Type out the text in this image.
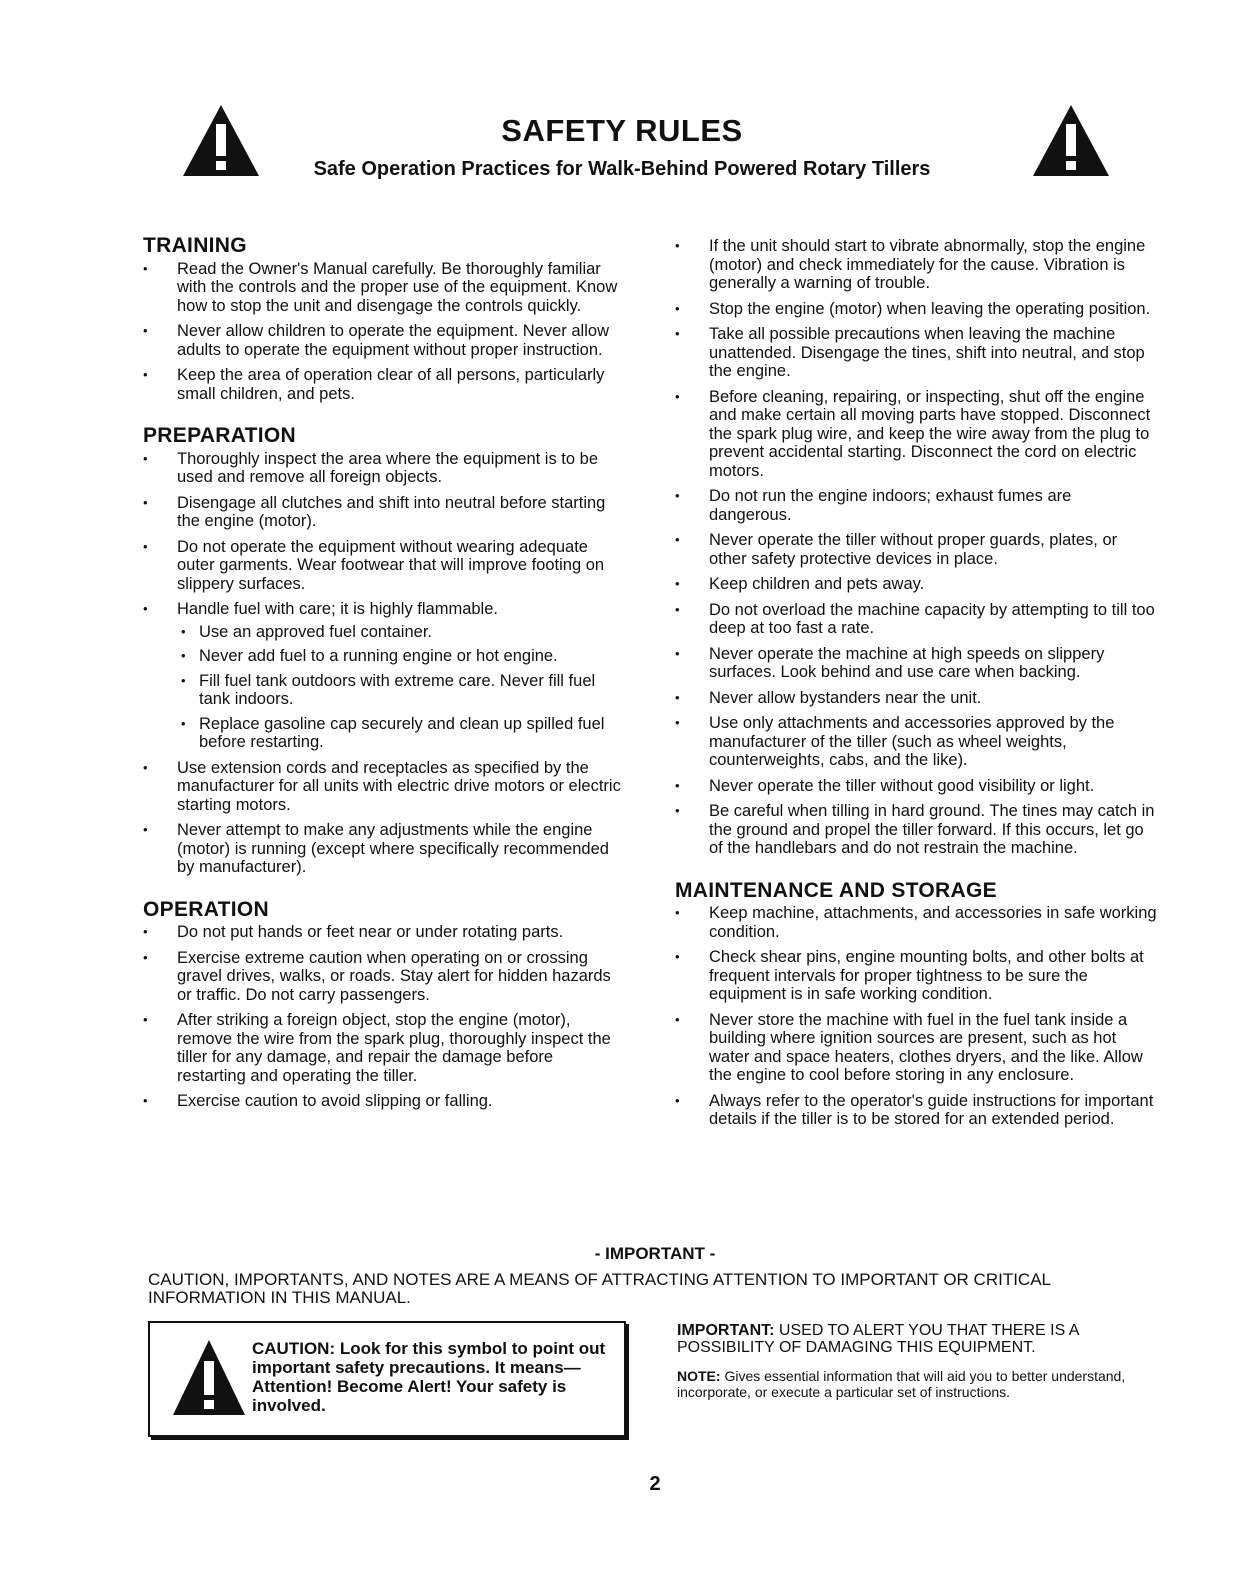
SAFETY RULES
Safe Operation Practices for Walk-Behind Powered Rotary Tillers
TRAINING
• Read the Owner's Manual carefully. Be thoroughly familiar with the controls and the proper use of the equipment. Know how to stop the unit and disengage the controls quickly.
• Never allow children to operate the equipment. Never allow adults to operate the equipment without proper instruction.
• Keep the area of operation clear of all persons, particularly small children, and pets.
PREPARATION
• Thoroughly inspect the area where the equipment is to be used and remove all foreign objects.
• Disengage all clutches and shift into neutral before starting the engine (motor).
• Do not operate the equipment without wearing adequate outer garments. Wear footwear that will improve footing on slippery surfaces.
• Handle fuel with care; it is highly flammable.
• Use an approved fuel container.
• Never add fuel to a running engine or hot engine.
• Fill fuel tank outdoors with extreme care. Never fill fuel tank indoors.
• Replace gasoline cap securely and clean up spilled fuel before restarting.
• Use extension cords and receptacles as specified by the manufacturer for all units with electric drive motors or electric starting motors.
• Never attempt to make any adjustments while the engine (motor) is running (except where specifically recommended by manufacturer).
OPERATION
• Do not put hands or feet near or under rotating parts.
• Exercise extreme caution when operating on or crossing gravel drives, walks, or roads. Stay alert for hidden hazards or traffic. Do not carry passengers.
• After striking a foreign object, stop the engine (motor), remove the wire from the spark plug, thoroughly inspect the tiller for any damage, and repair the damage before restarting and operating the tiller.
• Exercise caution to avoid slipping or falling.
• If the unit should start to vibrate abnormally, stop the engine (motor) and check immediately for the cause. Vibration is generally a warning of trouble.
• Stop the engine (motor) when leaving the operating position.
• Take all possible precautions when leaving the machine unattended. Disengage the tines, shift into neutral, and stop the engine.
• Before cleaning, repairing, or inspecting, shut off the engine and make certain all moving parts have stopped. Disconnect the spark plug wire, and keep the wire away from the plug to prevent accidental starting. Disconnect the cord on electric motors.
• Do not run the engine indoors; exhaust fumes are dangerous.
• Never operate the tiller without proper guards, plates, or other safety protective devices in place.
• Keep children and pets away.
• Do not overload the machine capacity by attempting to till too deep at too fast a rate.
• Never operate the machine at high speeds on slippery surfaces. Look behind and use care when backing.
• Never allow bystanders near the unit.
• Use only attachments and accessories approved by the manufacturer of the tiller (such as wheel weights, counterweights, cabs, and the like).
• Never operate the tiller without good visibility or light.
• Be careful when tilling in hard ground. The tines may catch in the ground and propel the tiller forward. If this occurs, let go of the handlebars and do not restrain the machine.
MAINTENANCE AND STORAGE
• Keep machine, attachments, and accessories in safe working condition.
• Check shear pins, engine mounting bolts, and other bolts at frequent intervals for proper tightness to be sure the equipment is in safe working condition.
• Never store the machine with fuel in the fuel tank inside a building where ignition sources are present, such as hot water and space heaters, clothes dryers, and the like. Allow the engine to cool before storing in any enclosure.
• Always refer to the operator's guide instructions for important details if the tiller is to be stored for an extended period.
- IMPORTANT -
CAUTION, IMPORTANTS, AND NOTES ARE A MEANS OF ATTRACTING ATTENTION TO IMPORTANT OR CRITICAL INFORMATION IN THIS MANUAL.
CAUTION: Look for this symbol to point out important safety precautions. It means—Attention! Become Alert! Your safety is involved.
IMPORTANT: USED TO ALERT YOU THAT THERE IS A POSSIBILITY OF DAMAGING THIS EQUIPMENT.
NOTE: Gives essential information that will aid you to better understand, incorporate, or execute a particular set of instructions.
2
